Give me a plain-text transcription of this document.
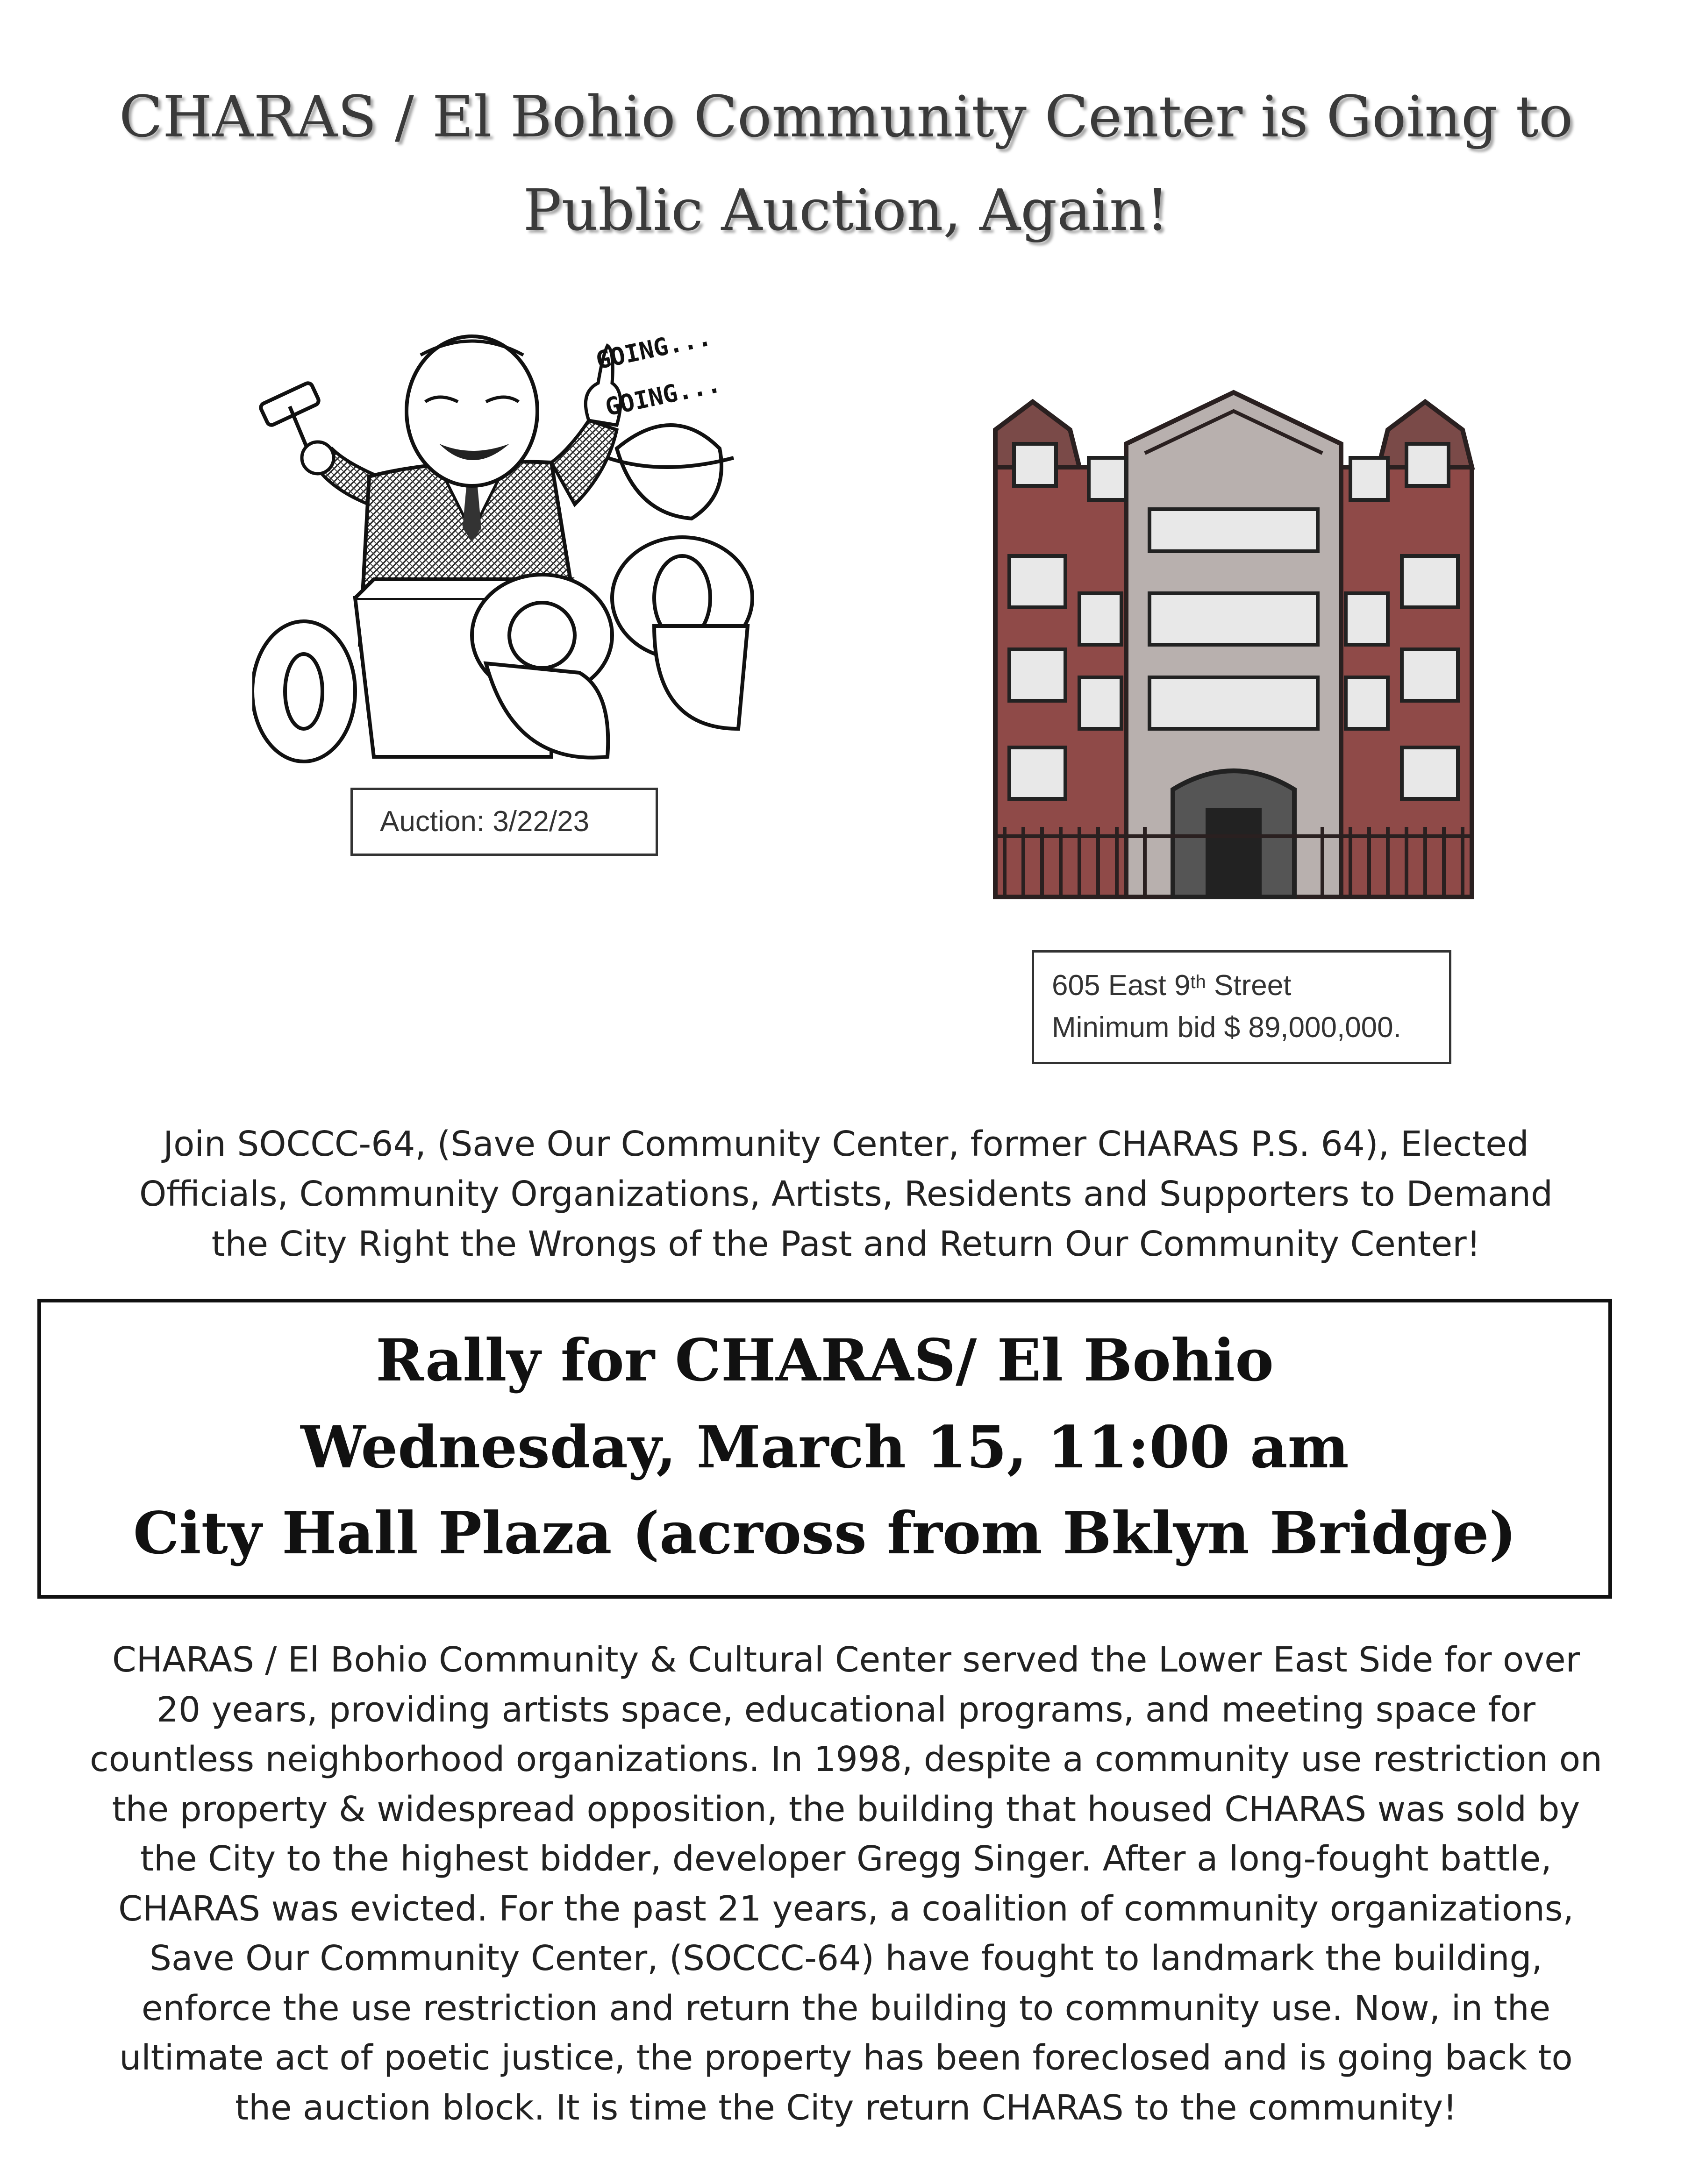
CHARAS / El Bohio Community Center is Going to
Public Auction, Again!
GOING...
GOING...
Auction: 3/22/23
605 East 9th Street
Minimum bid $ 89,000,000.
Join SOCCC-64, (Save Our Community Center, former CHARAS P.S. 64), Elected
Officials, Community Organizations, Artists, Residents and Supporters to Demand
the City Right the Wrongs of the Past and Return Our Community Center!
Rally for CHARAS/ El Bohio
Wednesday, March 15, 11:00 am
City Hall Plaza (across from Bklyn Bridge)
CHARAS / El Bohio Community & Cultural Center served the Lower East Side for over
20 years, providing artists space, educational programs, and meeting space for
countless neighborhood organizations. In 1998, despite a community use restriction on
the property & widespread opposition, the building that housed CHARAS was sold by
the City to the highest bidder, developer Gregg Singer. After a long-fought battle,
CHARAS was evicted. For the past 21 years, a coalition of community organizations,
Save Our Community Center, (SOCCC-64) have fought to landmark the building,
enforce the use restriction and return the building to community use. Now, in the
ultimate act of poetic justice, the property has been foreclosed and is going back to
the auction block. It is time the City return CHARAS to the community!
